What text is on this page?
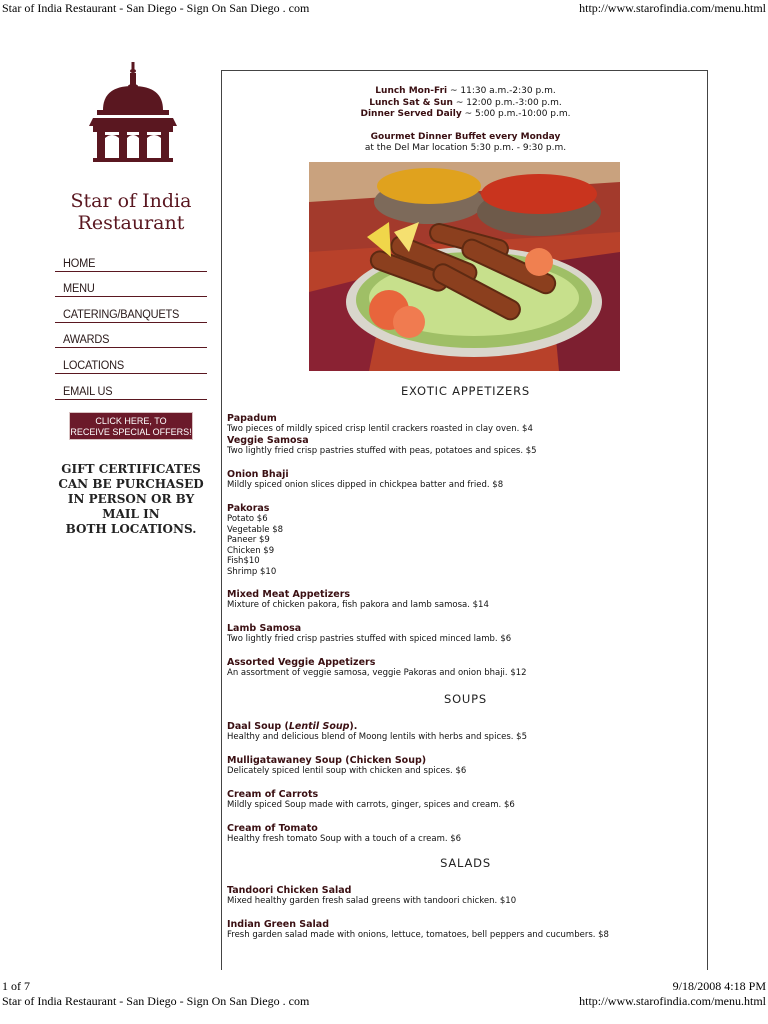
Star of India Restaurant - San Diego - Sign On San Diego . com	http://www.starofindia.com/menu.html
1 of 7	9/18/2008 4:18 PM
Star of India Restaurant - San Diego - Sign On San Diego . com	http://www.starofindia.com/menu.html
Star of India
Restaurant
HOME
MENU
CATERING/BANQUETS
AWARDS
LOCATIONS
EMAIL US
CLICK HERE, TO
RECEIVE SPECIAL OFFERS!
GIFT CERTIFICATES
CAN BE PURCHASED
IN PERSON OR BY
MAIL IN
BOTH LOCATIONS.
Lunch Mon-Fri ~ 11:30 a.m.-2:30 p.m.
Lunch Sat & Sun ~ 12:00 p.m.-3:00 p.m.
Dinner Served Daily ~ 5:00 p.m.-10:00 p.m.
Gourmet Dinner Buffet every Monday
at the Del Mar location 5:30 p.m. - 9:30 p.m.
EXOTIC APPETIZERS
Papadum
Two pieces of mildly spiced crisp lentil crackers roasted in clay oven. $4
Veggie Samosa
Two lightly fried crisp pastries stuffed with peas, potatoes and spices. $5
Onion Bhaji
Mildly spiced onion slices dipped in chickpea batter and fried. $8
Pakoras
Potato $6
Vegetable $8
Paneer $9
Chicken $9
Fish$10
Shrimp $10
Mixed Meat Appetizers
Mixture of chicken pakora, fish pakora and lamb samosa. $14
Lamb Samosa
Two lightly fried crisp pastries stuffed with spiced minced lamb. $6
Assorted Veggie Appetizers
An assortment of veggie samosa, veggie Pakoras and onion bhaji. $12
SOUPS
Daal Soup (Lentil Soup).
Healthy and delicious blend of Moong lentils with herbs and spices. $5
Mulligatawaney Soup (Chicken Soup)
Delicately spiced lentil soup with chicken and spices. $6
Cream of Carrots
Mildly spiced Soup made with carrots, ginger, spices and cream. $6
Cream of Tomato
Healthy fresh tomato Soup with a touch of a cream. $6
SALADS
Tandoori Chicken Salad
Mixed healthy garden fresh salad greens with tandoori chicken. $10
Indian Green Salad
Fresh garden salad made with onions, lettuce, tomatoes, bell peppers and cucumbers. $8
